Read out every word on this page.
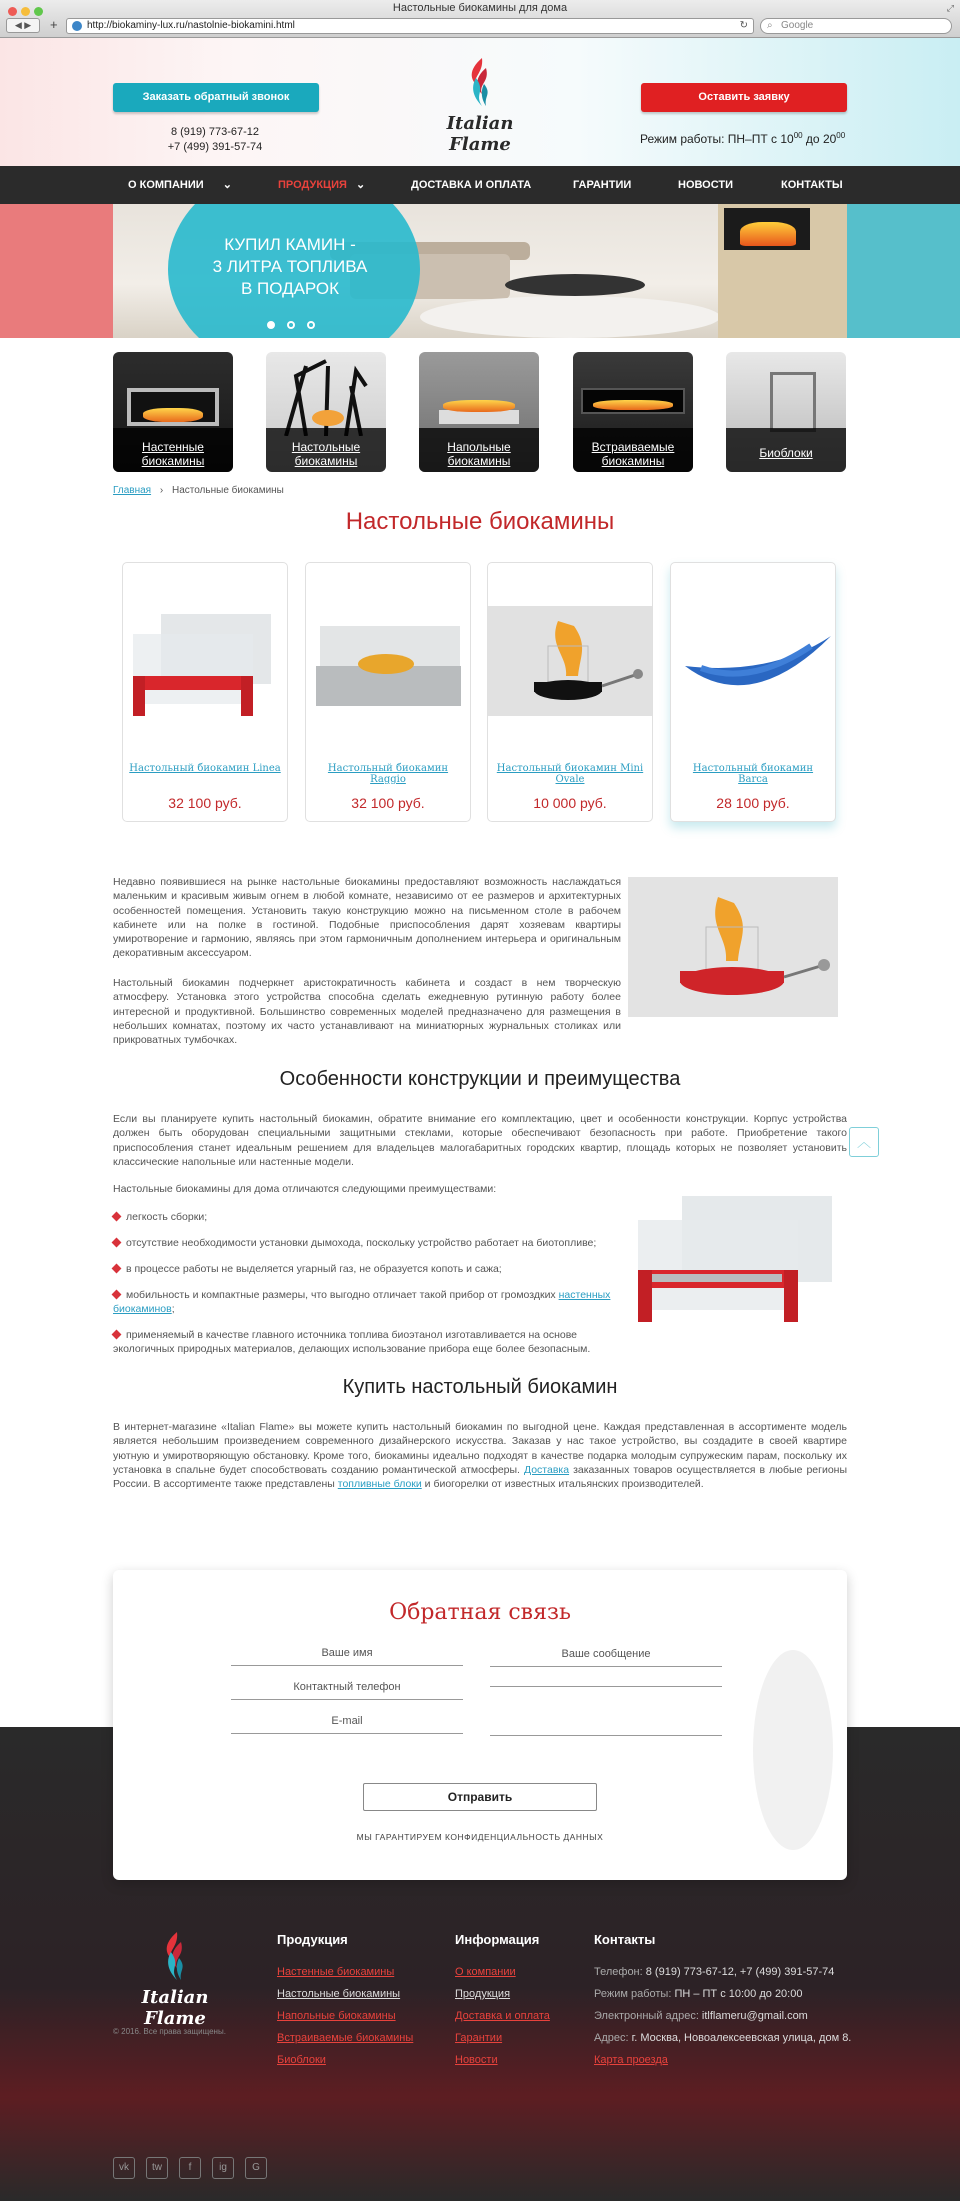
Настольные биокамины для дома
◀ ▶	+	http://biokaminy-lux.ru/nastolnie-biokamini.html	↻ ⌕ Google
⤢
Заказать обратный звонок
8 (919) 773-67-12
+7 (499) 391-57-74
Italian Flame
Оставить заявку
Режим работы: ПН–ПТ с $10^{00}$ до $20^{00}$
О КОМПАНИИ ⌄	ПРОДУКЦИЯ ⌄	ДОСТАВКА И ОПЛАТА	ГАРАНТИИ	НОВОСТИ	КОНТАКТЫ
КУПИЛ КАМИН -
3 ЛИТРА ТОПЛИВА
В ПОДАРОК
Настенные
биокамины
Настольные
биокамины
Напольные
биокамины
Встраиваемые
биокамины
Биоблоки
Главная › Настольные биокамины
Настольные биокамины
Настольный биокамин Linea
32 100 руб.
Настольный биокамин Raggio
32 100 руб.
Настольный биокамин Mini Ovale
10 000 руб.
Настольный биокамин Barca
28 100 руб.
Недавно появившиеся на рынке настольные биокамины предоставляют возможность наслаждаться маленьким и красивым живым огнем в любой комнате, независимо от ее размеров и архитектурных особенностей помещения. Установить такую конструкцию можно на письменном столе в рабочем кабинете или на полке в гостиной. Подобные приспособления дарят хозяевам квартиры умиротворение и гармонию, являясь при этом гармоничным дополнением интерьера и оригинальным декоративным аксессуаром.
Настольный биокамин подчеркнет аристократичность кабинета и создаст в нем творческую атмосферу. Установка этого устройства способна сделать ежедневную рутинную работу более интересной и продуктивной. Большинство современных моделей предназначено для размещения в небольших комнатах, поэтому их часто устанавливают на миниатюрных журнальных столиках или прикроватных тумбочках.
Особенности конструкции и преимущества
Если вы планируете купить настольный биокамин, обратите внимание его комплектацию, цвет и особенности конструкции. Корпус устройства должен быть оборудован специальными защитными стеклами, которые обеспечивают безопасность при работе. Приобретение такого приспособления станет идеальным решением для владельцев малогабаритных городских квартир, площадь которых не позволяет установить классические напольные или настенные модели.
︿
Настольные биокамины для дома отличаются следующими преимуществами:
легкость сборки;
отсутствие необходимости установки дымохода, поскольку устройство работает на биотопливе;
в процессе работы не выделяется угарный газ, не образуется копоть и сажа;
мобильность и компактные размеры, что выгодно отличает такой прибор от громоздких настенных
биокаминов;
применяемый в качестве главного источника топлива биоэтанол изготавливается на основе
экологичных природных материалов, делающих использование прибора еще более безопасным.
Купить настольный биокамин
В интернет-магазине «Italian Flame» вы можете купить настольный биокамин по выгодной цене. Каждая представленная в ассортименте модель является небольшим произведением современного дизайнерского искусства. Заказав у нас такое устройство, вы создадите в своей квартире уютную и умиротворяющую обстановку. Кроме того, биокамины идеально подходят в качестве подарка молодым супружеским парам, поскольку их установка в спальне будет способствовать созданию романтической атмосферы. Доставка заказанных товаров осуществляется в любые регионы России. В ассортименте также представлены топливные блоки и биогорелки от известных итальянских производителей.
Обратная связь
Ваше имя
Контактный телефон
E-mail
Ваше сообщение
Отправить
МЫ ГАРАНТИРУЕМ КОНФИДЕНЦИАЛЬНОСТЬ ДАННЫХ
Italian Flame
© 2016. Все права защищены.
Продукция
Настенные биокамины
Настольные биокамины
Напольные биокамины
Встраиваемые биокамины
Биоблоки
Информация
О компании
Продукция
Доставка и оплата
Гарантии
Новости
Контакты
Телефон: 8 (919) 773-67-12, +7 (499) 391-57-74
Режим работы: ПН – ПТ с 10:00 до 20:00
Электронный адрес: itlflameru@gmail.com
Адрес: г. Москва, Новоалексеевская улица, дом 8.
Карта проезда
vk	tw	f	ig	G
